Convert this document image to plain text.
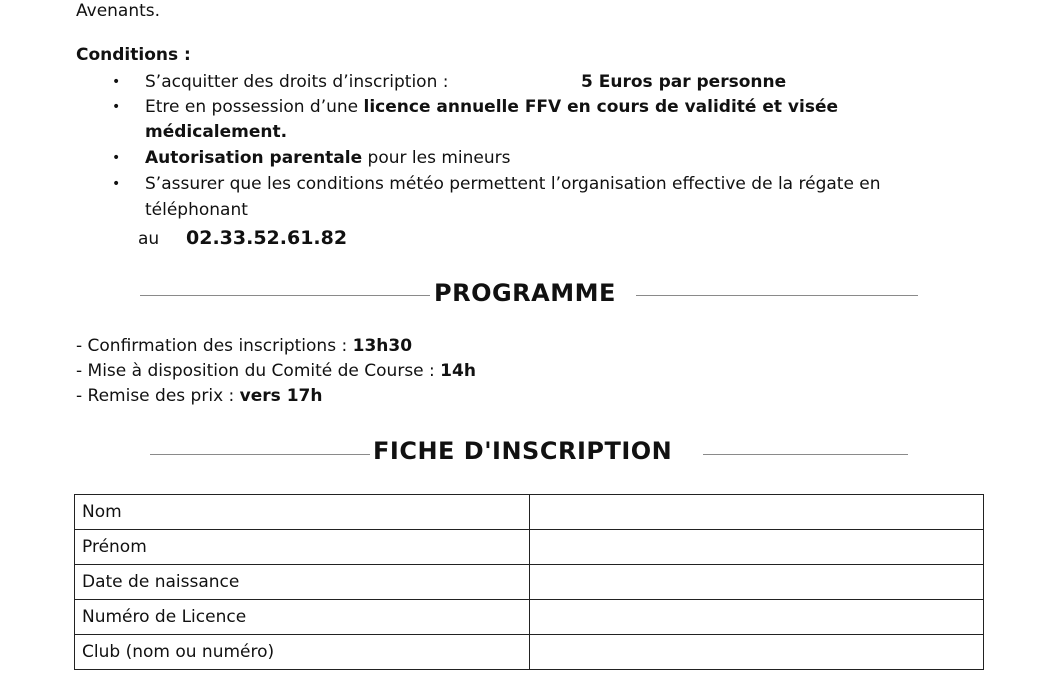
Avenants.
Conditions :
• S’acquitter des droits d’inscription :	5 Euros par personne
• Etre en possession d’une licence annuelle FFV en cours de validité et visée
médicalement.
• Autorisation parentale pour les mineurs
• S’assurer que les conditions météo permettent l’organisation effective de la régate en
téléphonant
au 02.33.52.61.82
PROGRAMME
- Confirmation des inscriptions : 13h30
- Mise à disposition du Comité de Course : 14h
- Remise des prix : vers 17h
FICHE D'INSCRIPTION
Nom	
Prénom	
Date de naissance	
Numéro de Licence	
Club (nom ou numéro)	
